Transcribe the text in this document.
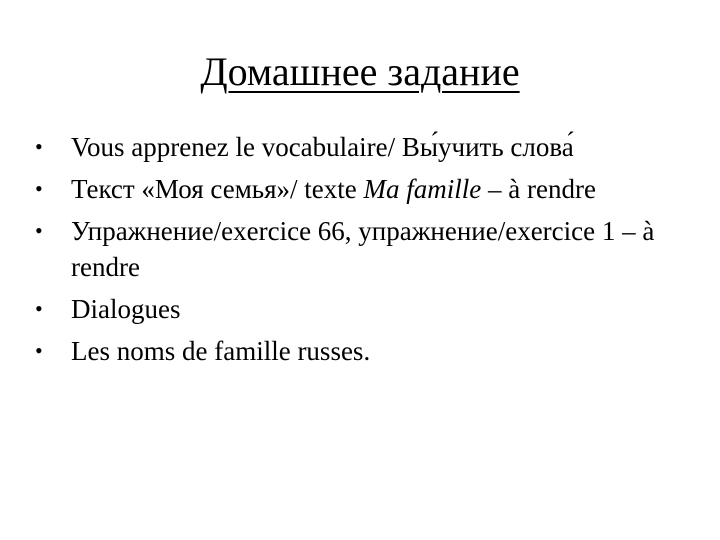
Домашнее задание
• Vous apprenez le vocabulaire/ Вы́учить слова́
• Текст «Моя семья»/ texte Ma famille – à rendre
• Упражнение/exercice 66, упражнение/exercice 1 – à rendre
• Dialogues
• Les noms de famille russes.
